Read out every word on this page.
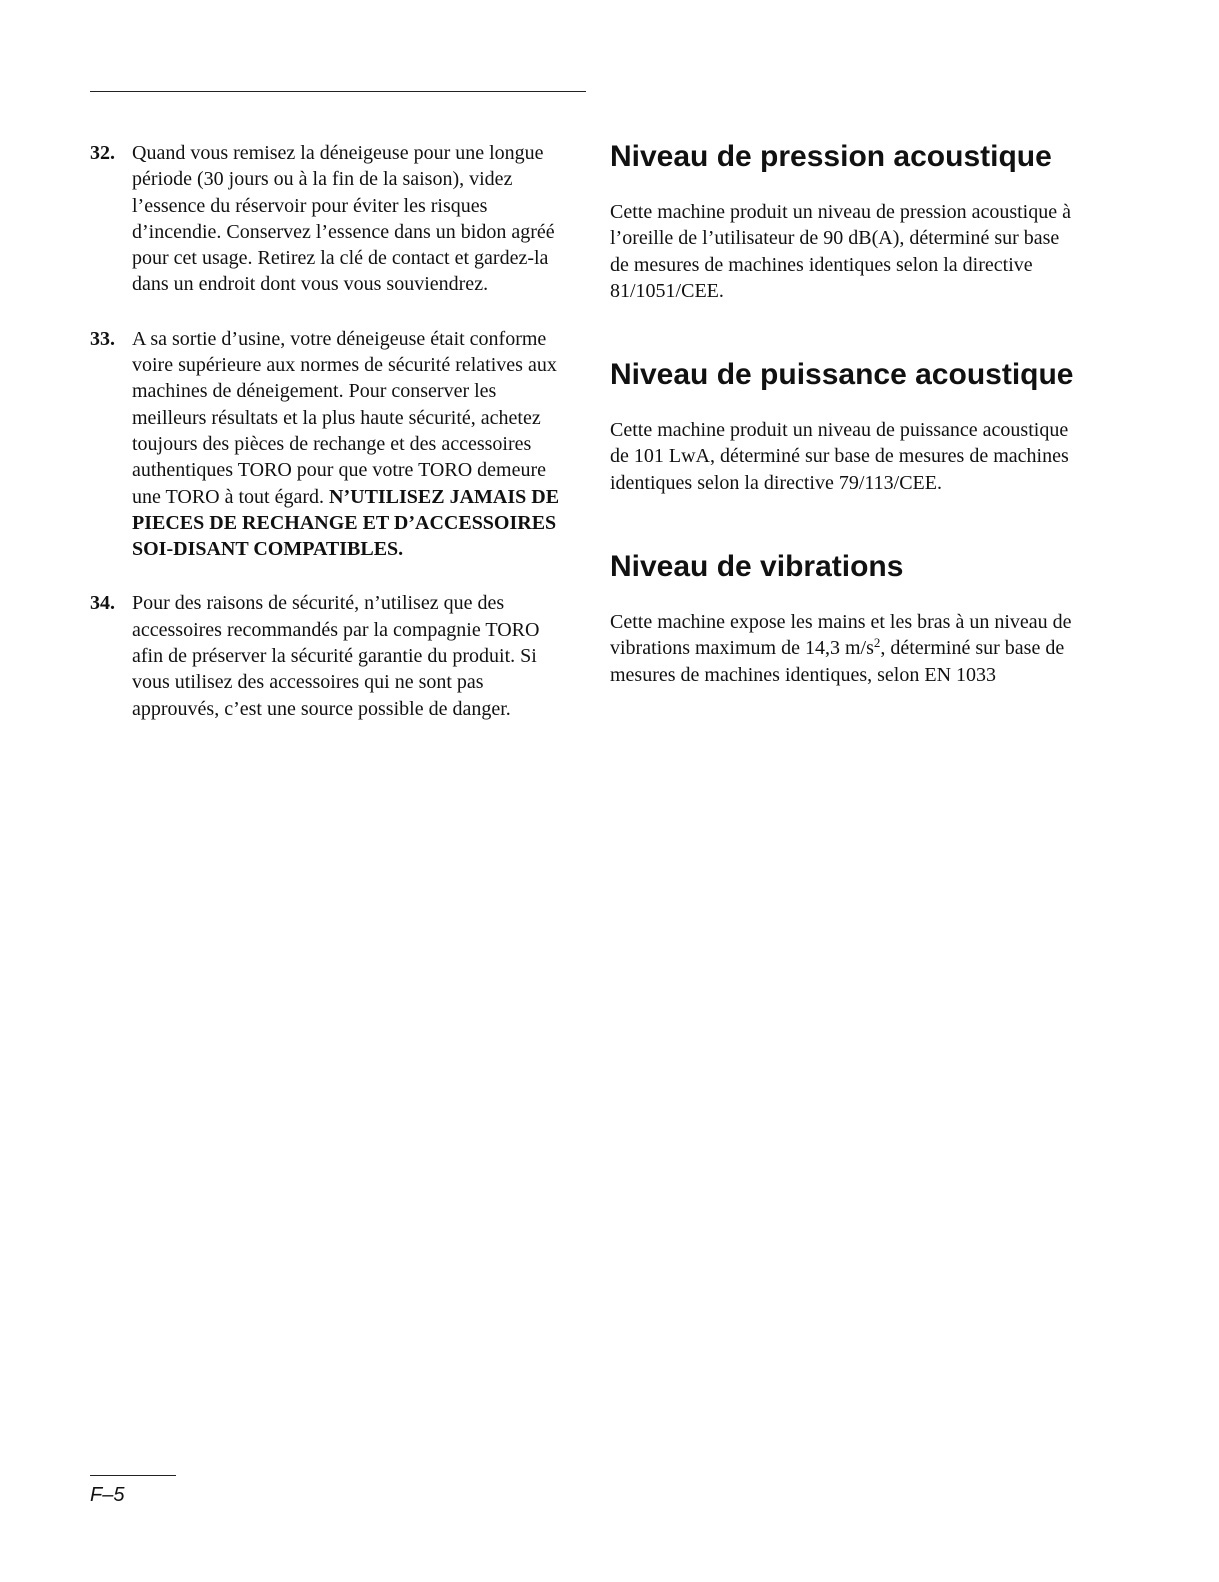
32. Quand vous remisez la déneigeuse pour une longue période (30 jours ou à la fin de la saison), videz l’essence du réservoir pour éviter les risques d’incendie. Conservez l’essence dans un bidon agréé pour cet usage. Retirez la clé de contact et gardez-la dans un endroit dont vous vous souviendrez.
33. A sa sortie d’usine, votre déneigeuse était conforme voire supérieure aux normes de sécurité relatives aux machines de déneigement. Pour conserver les meilleurs résultats et la plus haute sécurité, achetez toujours des pièces de rechange et des accessoires authentiques TORO pour que votre TORO demeure une TORO à tout égard. N’UTILISEZ JAMAIS DE PIECES DE RECHANGE ET D’ACCESSOIRES SOI-DISANT COMPATIBLES.
34. Pour des raisons de sécurité, n’utilisez que des accessoires recommandés par la compagnie TORO afin de préserver la sécurité garantie du produit. Si vous utilisez des accessoires qui ne sont pas approuvés, c’est une source possible de danger.
Niveau de pression acoustique

Cette machine produit un niveau de pression acoustique à l’oreille de l’utilisateur de 90 dB(A), déterminé sur base de mesures de machines identiques selon la directive 81/1051/CEE.

Niveau de puissance acoustique

Cette machine produit un niveau de puissance acoustique de 101 LwA, déterminé sur base de mesures de machines identiques selon la directive 79/113/CEE.

Niveau de vibrations

Cette machine expose les mains et les bras à un niveau de vibrations maximum de 14,3 $m/s^2$, déterminé sur base de mesures de machines identiques, selon EN 1033

F–5
